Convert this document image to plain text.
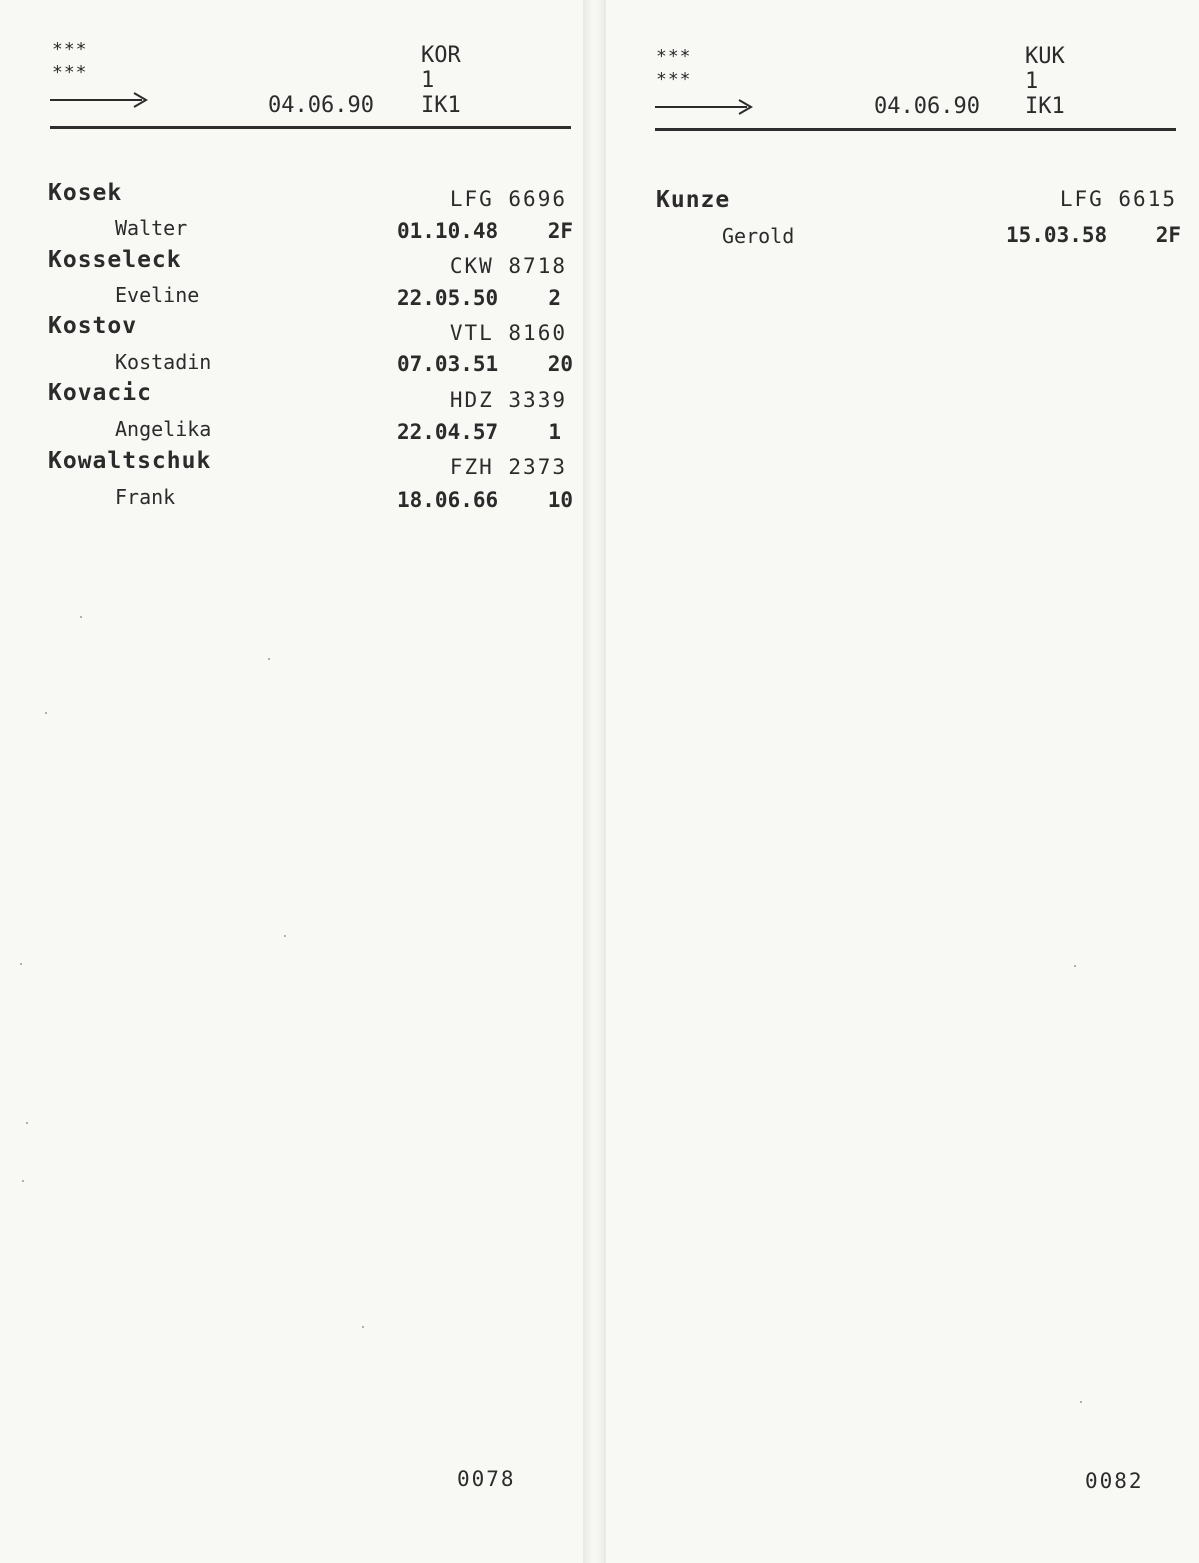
***
***
KOR
1
04.06.90 IK1
Kosek	LFG 6696
Walter	01.10.48 2F
Kosseleck	CKW 8718
Eveline	22.05.50 2
Kostov	VTL 8160
Kostadin	07.03.51 20
Kovacic	HDZ 3339
Angelika	22.04.57 1
Kowaltschuk	FZH 2373
Frank	18.06.66 10
0078
***
***
KUK
1
04.06.90 IK1
Kunze	LFG 6615
Gerold	15.03.58 2F
0082
